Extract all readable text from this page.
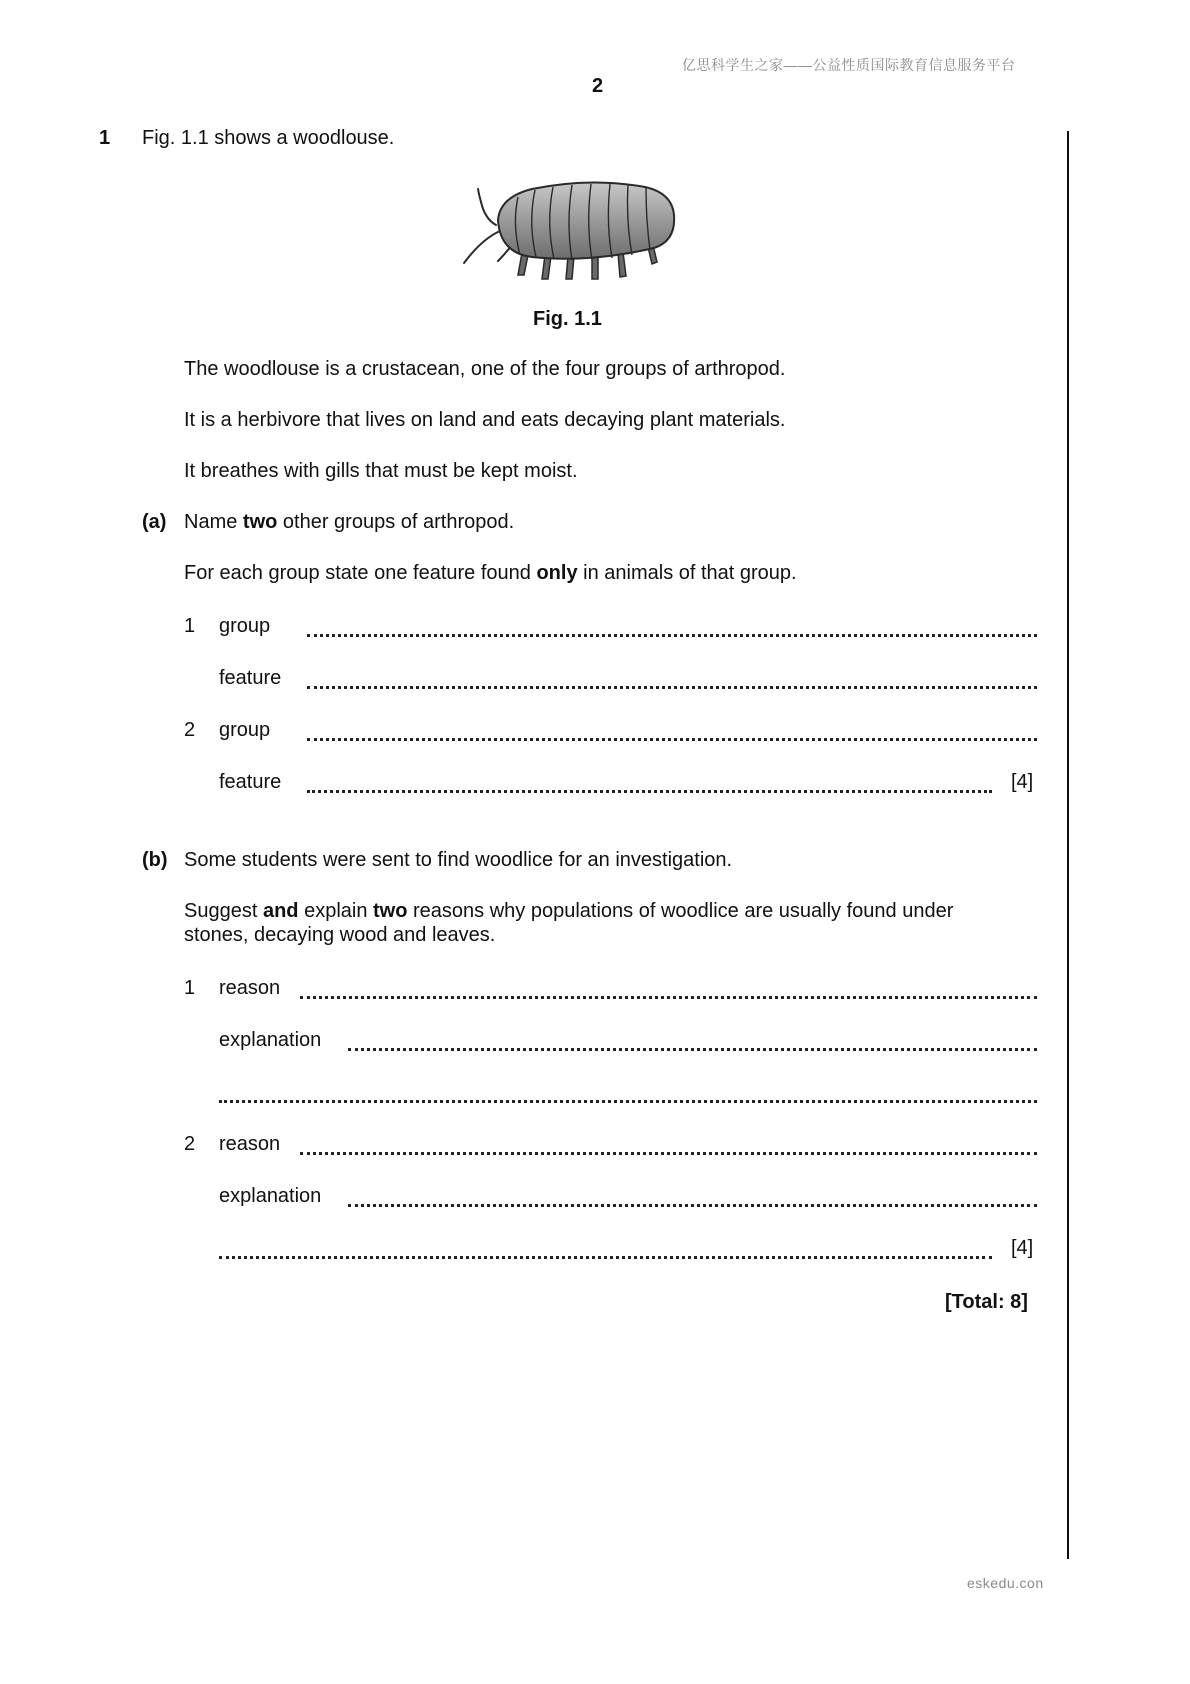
亿思科学生之家——公益性质国际教育信息服务平台
2
1 Fig. 1.1 shows a woodlouse.
Fig. 1.1
The woodlouse is a crustacean, one of the four groups of arthropod.
It is a herbivore that lives on land and eats decaying plant materials.
It breathes with gills that must be kept moist.
(a) Name two other groups of arthropod.
For each group state one feature found only in animals of that group.
1 group
feature
2 group
feature	[4]
(b) Some students were sent to find woodlice for an investigation.
Suggest and explain two reasons why populations of woodlice are usually found under
stones, decaying wood and leaves.
1 reason
explanation
2 reason
explanation
[4]
[Total: 8]
eskedu.con
